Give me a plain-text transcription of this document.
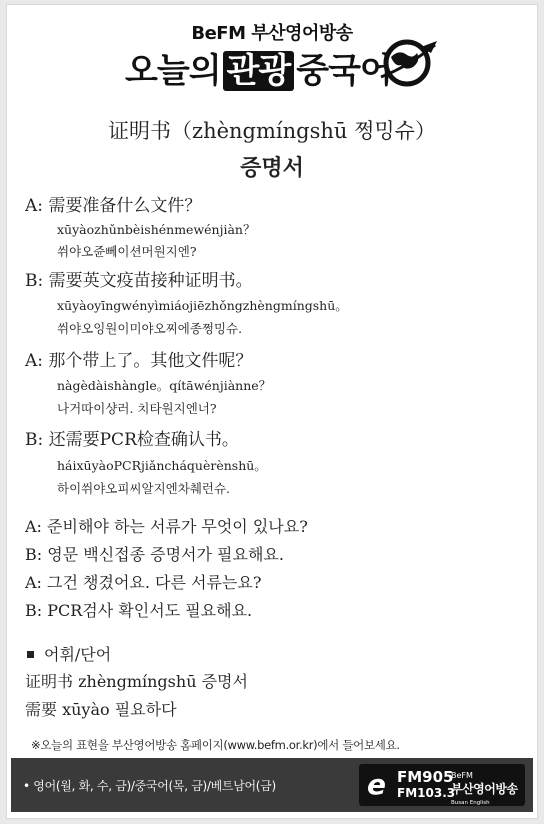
BeFM 부산영어방송
오늘의 관광 중국어
证明书（zhèngmíngshū 쩡밍슈）
증명서
A: 需要准备什么文件？
xūyàozhǔnbèishénmewénjiàn？
쒸야오쥰뻬이션머원지엔?
B: 需要英文疫苗接种证明书。
xūyàoyīngwényìmiáojiēzhǒngzhèngmíngshū。
쒸야오잉원이미야오찌에종쩡밍슈.
A: 那个带上了。其他文件呢？
nàgèdàishàngle。qítāwénjiànne？
나거따이샹러. 치타원지엔너?
B: 还需要PCR检查确认书。
háixūyàoPCRjiǎncháquèrènshū。
하이쒸야오피씨알지엔차췌런슈.
A: 준비해야 하는 서류가 무엇이 있나요?
B: 영문 백신접종 증명서가 필요해요.
A: 그건 챙겼어요. 다른 서류는요?
B: PCR검사 확인서도 필요해요.
어휘/단어
证明书 zhèngmíngshū 증명서
需要 xūyào 필요하다
※오늘의 표현을 부산영어방송 홈페이지(www.befm.or.kr)에서 들어보세요.
• 영어(월, 화, 수, 금)/중국어(목, 금)/베트남어(금)	e FM905
FM103.3
BeFM
부산영어방송
Busan English Broadcasting
